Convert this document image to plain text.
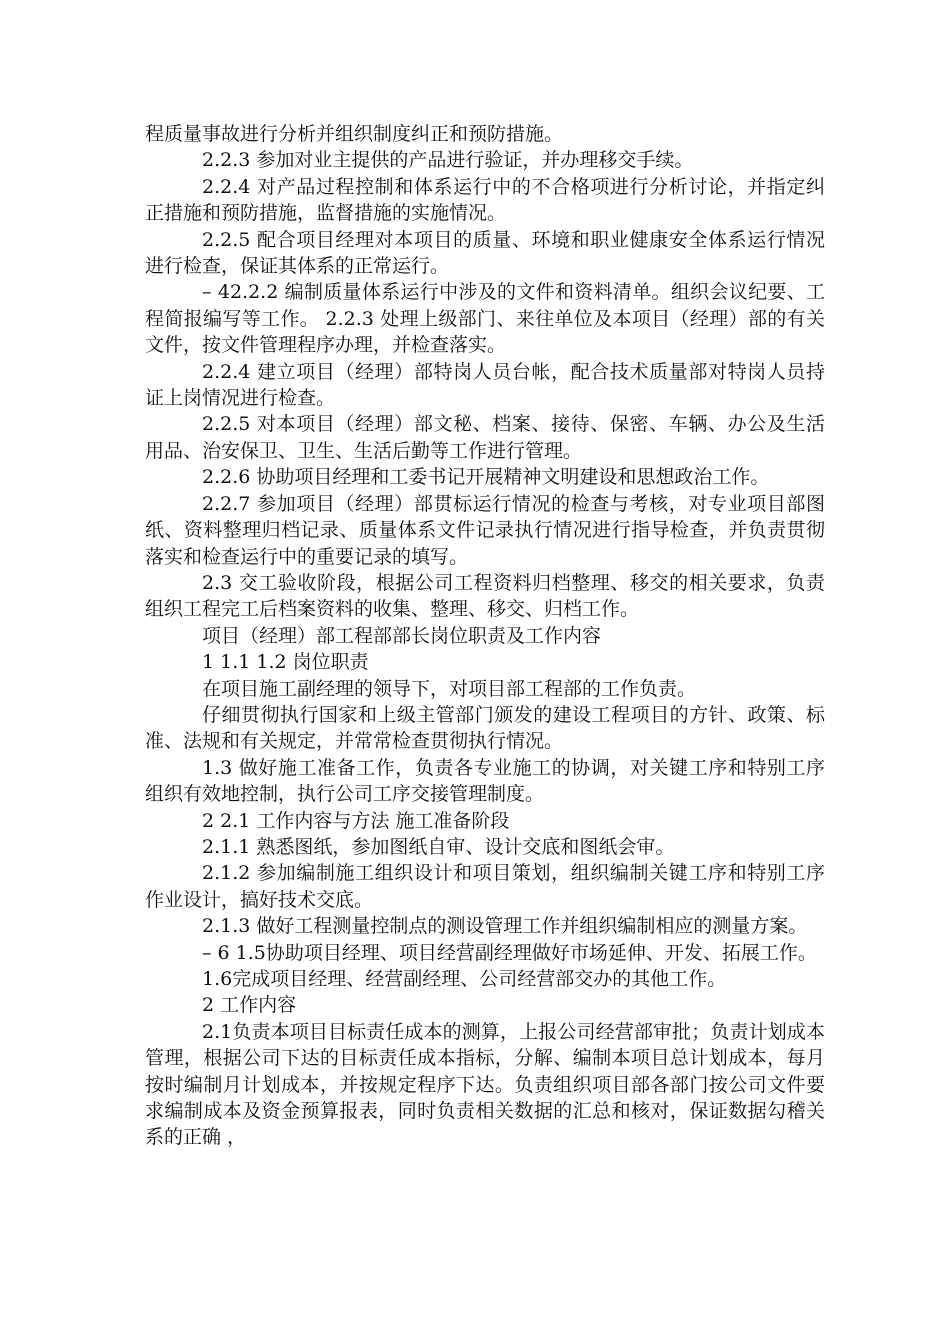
程质量事故进行分析并组织制度纠正和预防措施。

2.2.3 参加对业主提供的产品进行验证，并办理移交手续。

2.2.4 对产品过程控制和体系运行中的不合格项进行分析讨论，并指定纠正措施和预防措施，监督措施的实施情况。

2.2.5 配合项目经理对本项目的质量、环境和职业健康安全体系运行情况进行检查，保证其体系的正常运行。

– 42.2.2 编制质量体系运行中涉及的文件和资料清单。组织会议纪要、工程简报编写等工作。 2.2.3 处理上级部门、来往单位及本项目（经理）部的有关文件，按文件管理程序办理，并检查落实。

2.2.4 建立项目（经理）部特岗人员台帐，配合技术质量部对特岗人员持证上岗情况进行检查。

2.2.5 对本项目（经理）部文秘、档案、接待、保密、车辆、办公及生活用品、治安保卫、卫生、生活后勤等工作进行管理。

2.2.6 协助项目经理和工委书记开展精神文明建设和思想政治工作。

2.2.7 参加项目（经理）部贯标运行情况的检查与考核，对专业项目部图纸、资料整理归档记录、质量体系文件记录执行情况进行指导检查，并负责贯彻落实和检查运行中的重要记录的填写。

2.3 交工验收阶段，根据公司工程资料归档整理、移交的相关要求，负责组织工程完工后档案资料的收集、整理、移交、归档工作。

项目（经理）部工程部部长岗位职责及工作内容

1 1.1 1.2 岗位职责

在项目施工副经理的领导下，对项目部工程部的工作负责。

仔细贯彻执行国家和上级主管部门颁发的建设工程项目的方针、政策、标准、法规和有关规定，并常常检查贯彻执行情况。

1.3 做好施工准备工作，负责各专业施工的协调，对关键工序和特别工序组织有效地控制，执行公司工序交接管理制度。

2 2.1 工作内容与方法 施工准备阶段

2.1.1 熟悉图纸，参加图纸自审、设计交底和图纸会审。

2.1.2 参加编制施工组织设计和项目策划，组织编制关键工序和特别工序作业设计，搞好技术交底。

2.1.3 做好工程测量控制点的测设管理工作并组织编制相应的测量方案。

– 6 1.5协助项目经理、项目经营副经理做好市场延伸、开发、拓展工作。

1.6完成项目经理、经营副经理、公司经营部交办的其他工作。

2 工作内容

2.1负责本项目目标责任成本的测算，上报公司经营部审批；负责计划成本管理，根据公司下达的目标责任成本指标，分解、编制本项目总计划成本，每月按时编制月计划成本，并按规定程序下达。负责组织项目部各部门按公司文件要求编制成本及资金预算报表，同时负责相关数据的汇总和核对，保证数据勾稽关系的正确 ，
